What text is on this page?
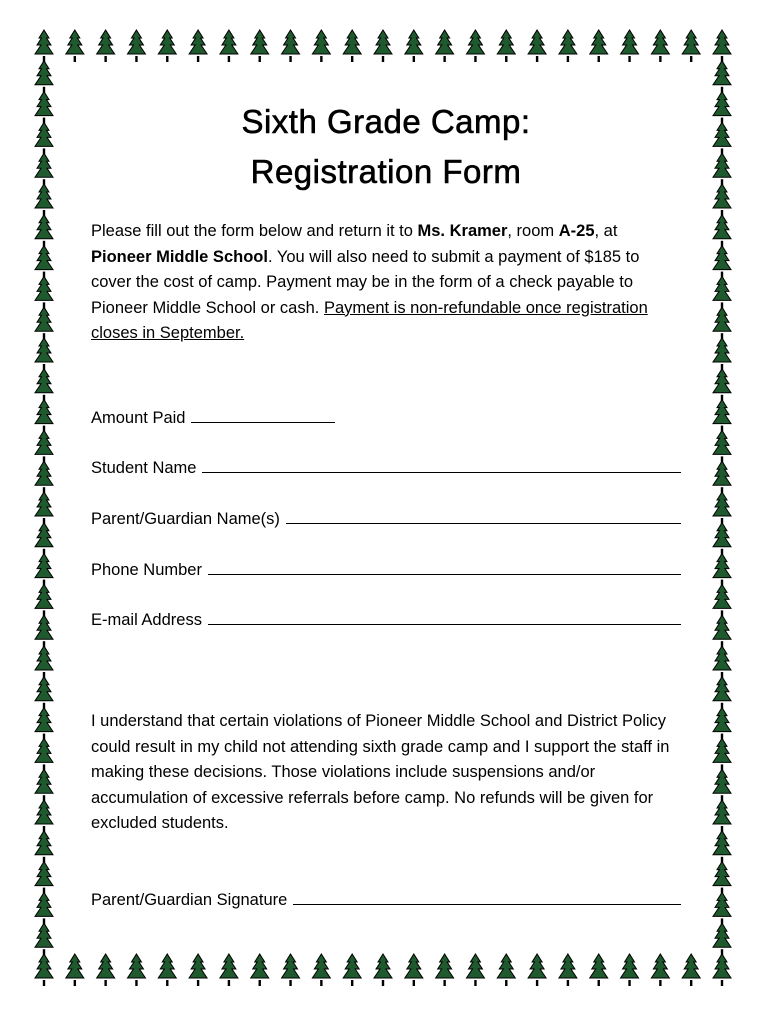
Sixth Grade Camp:
Registration Form
Please fill out the form below and return it to Ms. Kramer, room A-25, at Pioneer Middle School. You will also need to submit a payment of $185 to cover the cost of camp. Payment may be in the form of a check payable to Pioneer Middle School or cash. Payment is non-refundable once registration closes in September.
Amount Paid
Student Name
Parent/Guardian Name(s)
Phone Number
E-mail Address
I understand that certain violations of Pioneer Middle School and District Policy could result in my child not attending sixth grade camp and I support the staff in making these decisions. Those violations include suspensions and/or accumulation of excessive referrals before camp. No refunds will be given for excluded students.
Parent/Guardian Signature
